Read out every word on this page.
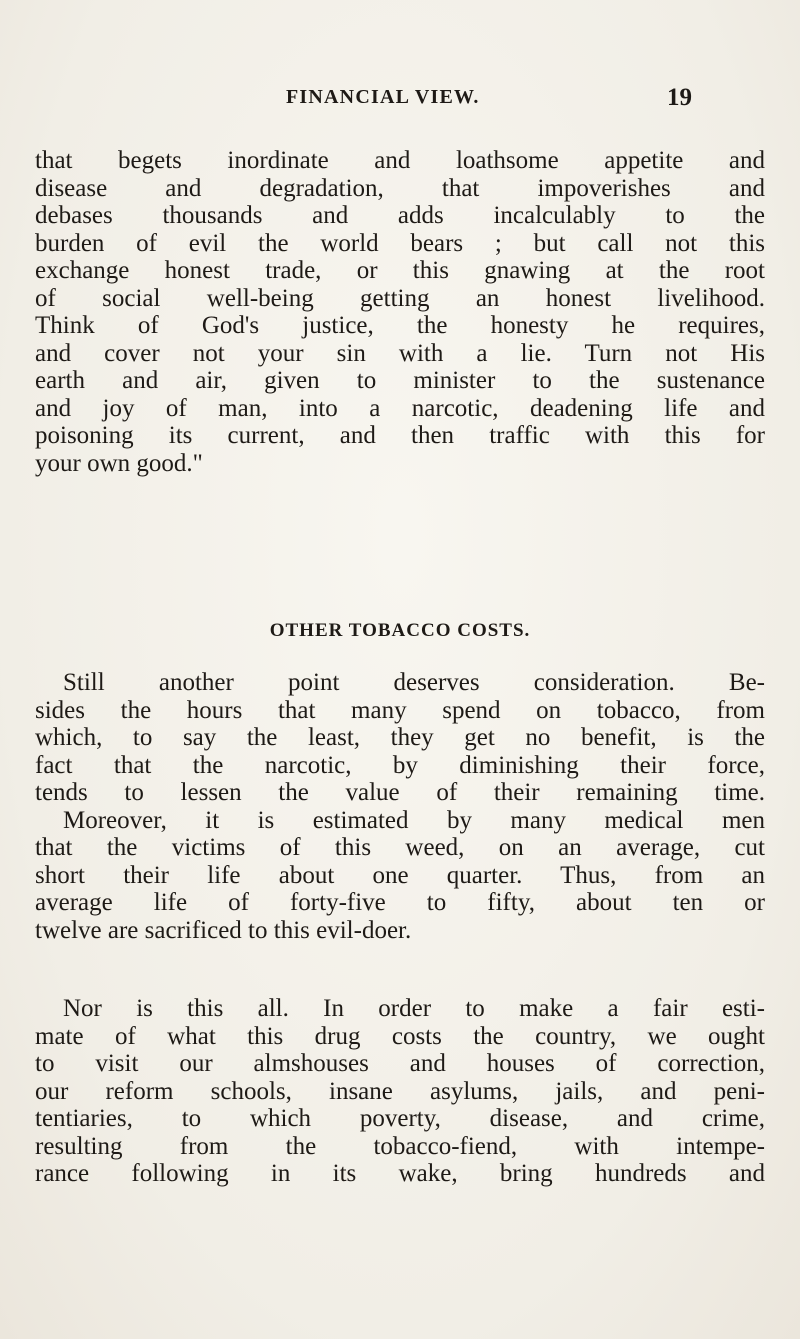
FINANCIAL VIEW.	19
that begets inordinate and loathsome appetite and
disease and degradation, that impoverishes and
debases thousands and adds incalculably to the
burden of evil the world bears ; but call not this
exchange honest trade, or this gnawing at the root
of social well-being getting an honest livelihood.
Think of God's justice, the honesty he requires,
and cover not your sin with a lie. Turn not His
earth and air, given to minister to the sustenance
and joy of man, into a narcotic, deadening life and
poisoning its current, and then traffic with this for
your own good."
OTHER TOBACCO COSTS.
Still another point deserves consideration. Be-
sides the hours that many spend on tobacco, from
which, to say the least, they get no benefit, is the
fact that the narcotic, by diminishing their force,
tends to lessen the value of their remaining time.
Moreover, it is estimated by many medical men
that the victims of this weed, on an average, cut
short their life about one quarter. Thus, from an
average life of forty-five to fifty, about ten or
twelve are sacrificed to this evil-doer.
Nor is this all. In order to make a fair esti-
mate of what this drug costs the country, we ought
to visit our almshouses and houses of correction,
our reform schools, insane asylums, jails, and peni-
tentiaries, to which poverty, disease, and crime,
resulting from the tobacco-fiend, with intempe-
rance following in its wake, bring hundreds and
